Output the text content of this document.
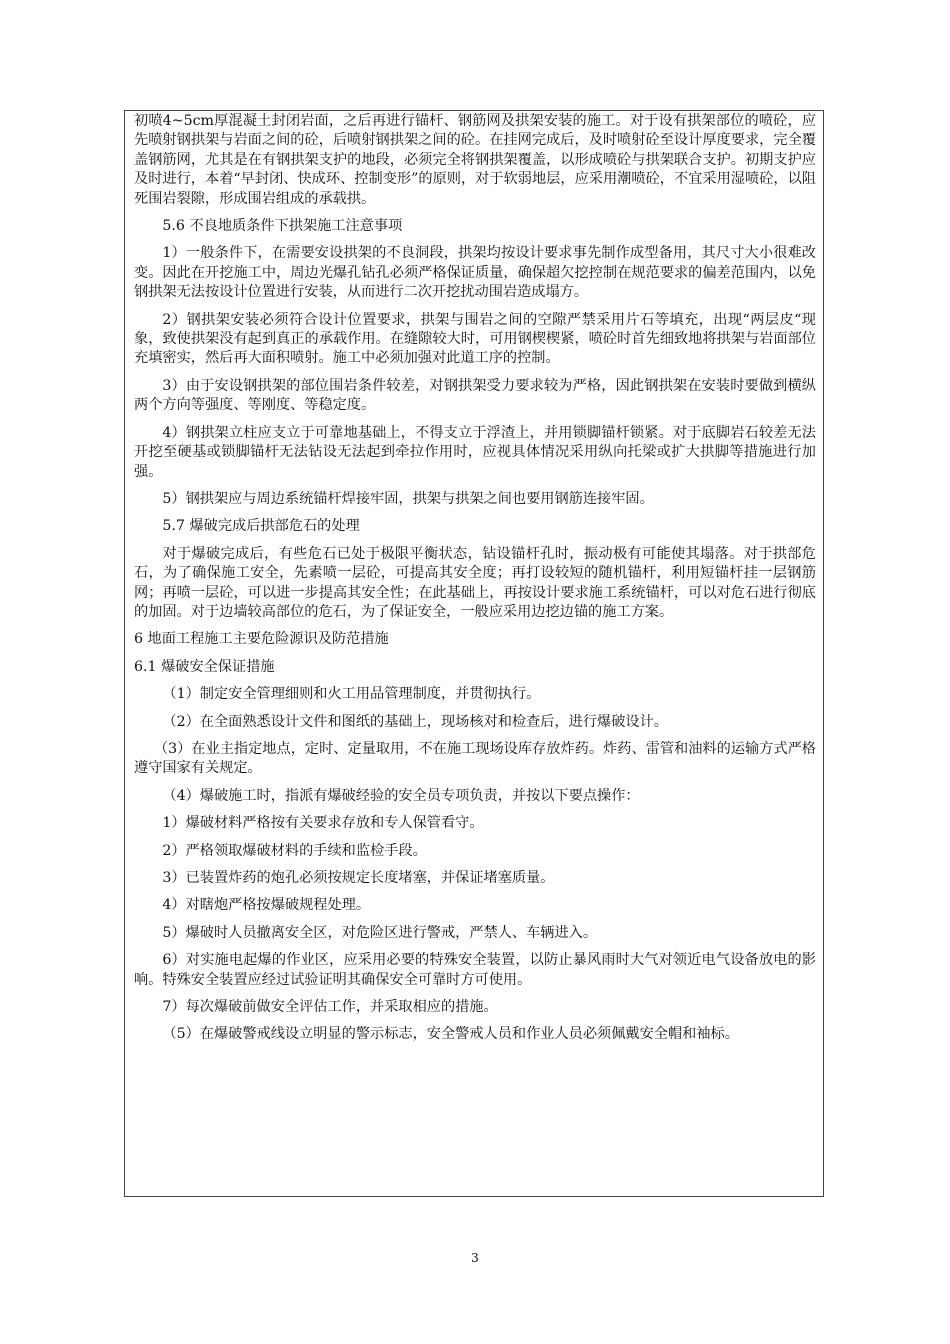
初喷4~5cm厚混凝土封闭岩面，之后再进行锚杆、钢筋网及拱架安装的施工。对于设有拱架部位的喷砼，应先喷射钢拱架与岩面之间的砼，后喷射钢拱架之间的砼。在挂网完成后，及时喷射砼至设计厚度要求，完全覆盖钢筋网，尤其是在有钢拱架支护的地段，必须完全将钢拱架覆盖，以形成喷砼与拱架联合支护。初期支护应及时进行，本着“早封闭、快成环、控制变形”的原则，对于软弱地层，应采用潮喷砼，不宜采用湿喷砼，以阻死围岩裂隙，形成围岩组成的承载拱。

5.6 不良地质条件下拱架施工注意事项

1）一般条件下，在需要安设拱架的不良洞段，拱架均按设计要求事先制作成型备用，其尺寸大小很难改变。因此在开挖施工中，周边光爆孔钻孔必须严格保证质量，确保超欠挖控制在规范要求的偏差范围内，以免钢拱架无法按设计位置进行安装，从而进行二次开挖扰动围岩造成塌方。

2）钢拱架安装必须符合设计位置要求，拱架与围岩之间的空隙严禁采用片石等填充，出现“两层皮“现象，致使拱架没有起到真正的承载作用。在缝隙较大时，可用钢楔楔紧，喷砼时首先细致地将拱架与岩面部位充填密实，然后再大面积喷射。施工中必须加强对此道工序的控制。

3）由于安设钢拱架的部位围岩条件较差，对钢拱架受力要求较为严格，因此钢拱架在安装时要做到横纵两个方向等强度、等刚度、等稳定度。

4）钢拱架立柱应支立于可靠地基础上，不得支立于浮渣上，并用锁脚锚杆锁紧。对于底脚岩石较差无法开挖至硬基或锁脚锚杆无法钻设无法起到牵拉作用时，应视具体情况采用纵向托梁或扩大拱脚等措施进行加强。

5）钢拱架应与周边系统锚杆焊接牢固，拱架与拱架之间也要用钢筋连接牢固。

5.7 爆破完成后拱部危石的处理

对于爆破完成后，有些危石已处于极限平衡状态，钻设锚杆孔时，振动极有可能使其塌落。对于拱部危石，为了确保施工安全，先素喷一层砼，可提高其安全度；再打设较短的随机锚杆，利用短锚杆挂一层钢筋网；再喷一层砼，可以进一步提高其安全性；在此基础上，再按设计要求施工系统锚杆，可以对危石进行彻底的加固。对于边墙较高部位的危石，为了保证安全，一般应采用边挖边锚的施工方案。

6 地面工程施工主要危险源识及防范措施

6.1 爆破安全保证措施

（1）制定安全管理细则和火工用品管理制度，并贯彻执行。

（2）在全面熟悉设计文件和图纸的基础上，现场核对和检查后，进行爆破设计。

（3）在业主指定地点，定时、定量取用，不在施工现场设库存放炸药。炸药、雷管和油料的运输方式严格遵守国家有关规定。

（4）爆破施工时，指派有爆破经验的安全员专项负责，并按以下要点操作：

1）爆破材料严格按有关要求存放和专人保管看守。

2）严格领取爆破材料的手续和监检手段。

3）已装置炸药的炮孔必须按规定长度堵塞，并保证堵塞质量。

4）对瞎炮严格按爆破规程处理。

5）爆破时人员撤离安全区，对危险区进行警戒，严禁人、车辆进入。

6）对实施电起爆的作业区，应采用必要的特殊安全装置，以防止暴风雨时大气对领近电气设备放电的影响。特殊安全装置应经过试验证明其确保安全可靠时方可使用。

7）每次爆破前做安全评估工作，并采取相应的措施。

（5）在爆破警戒线设立明显的警示标志，安全警戒人员和作业人员必须佩戴安全帽和袖标。

3
